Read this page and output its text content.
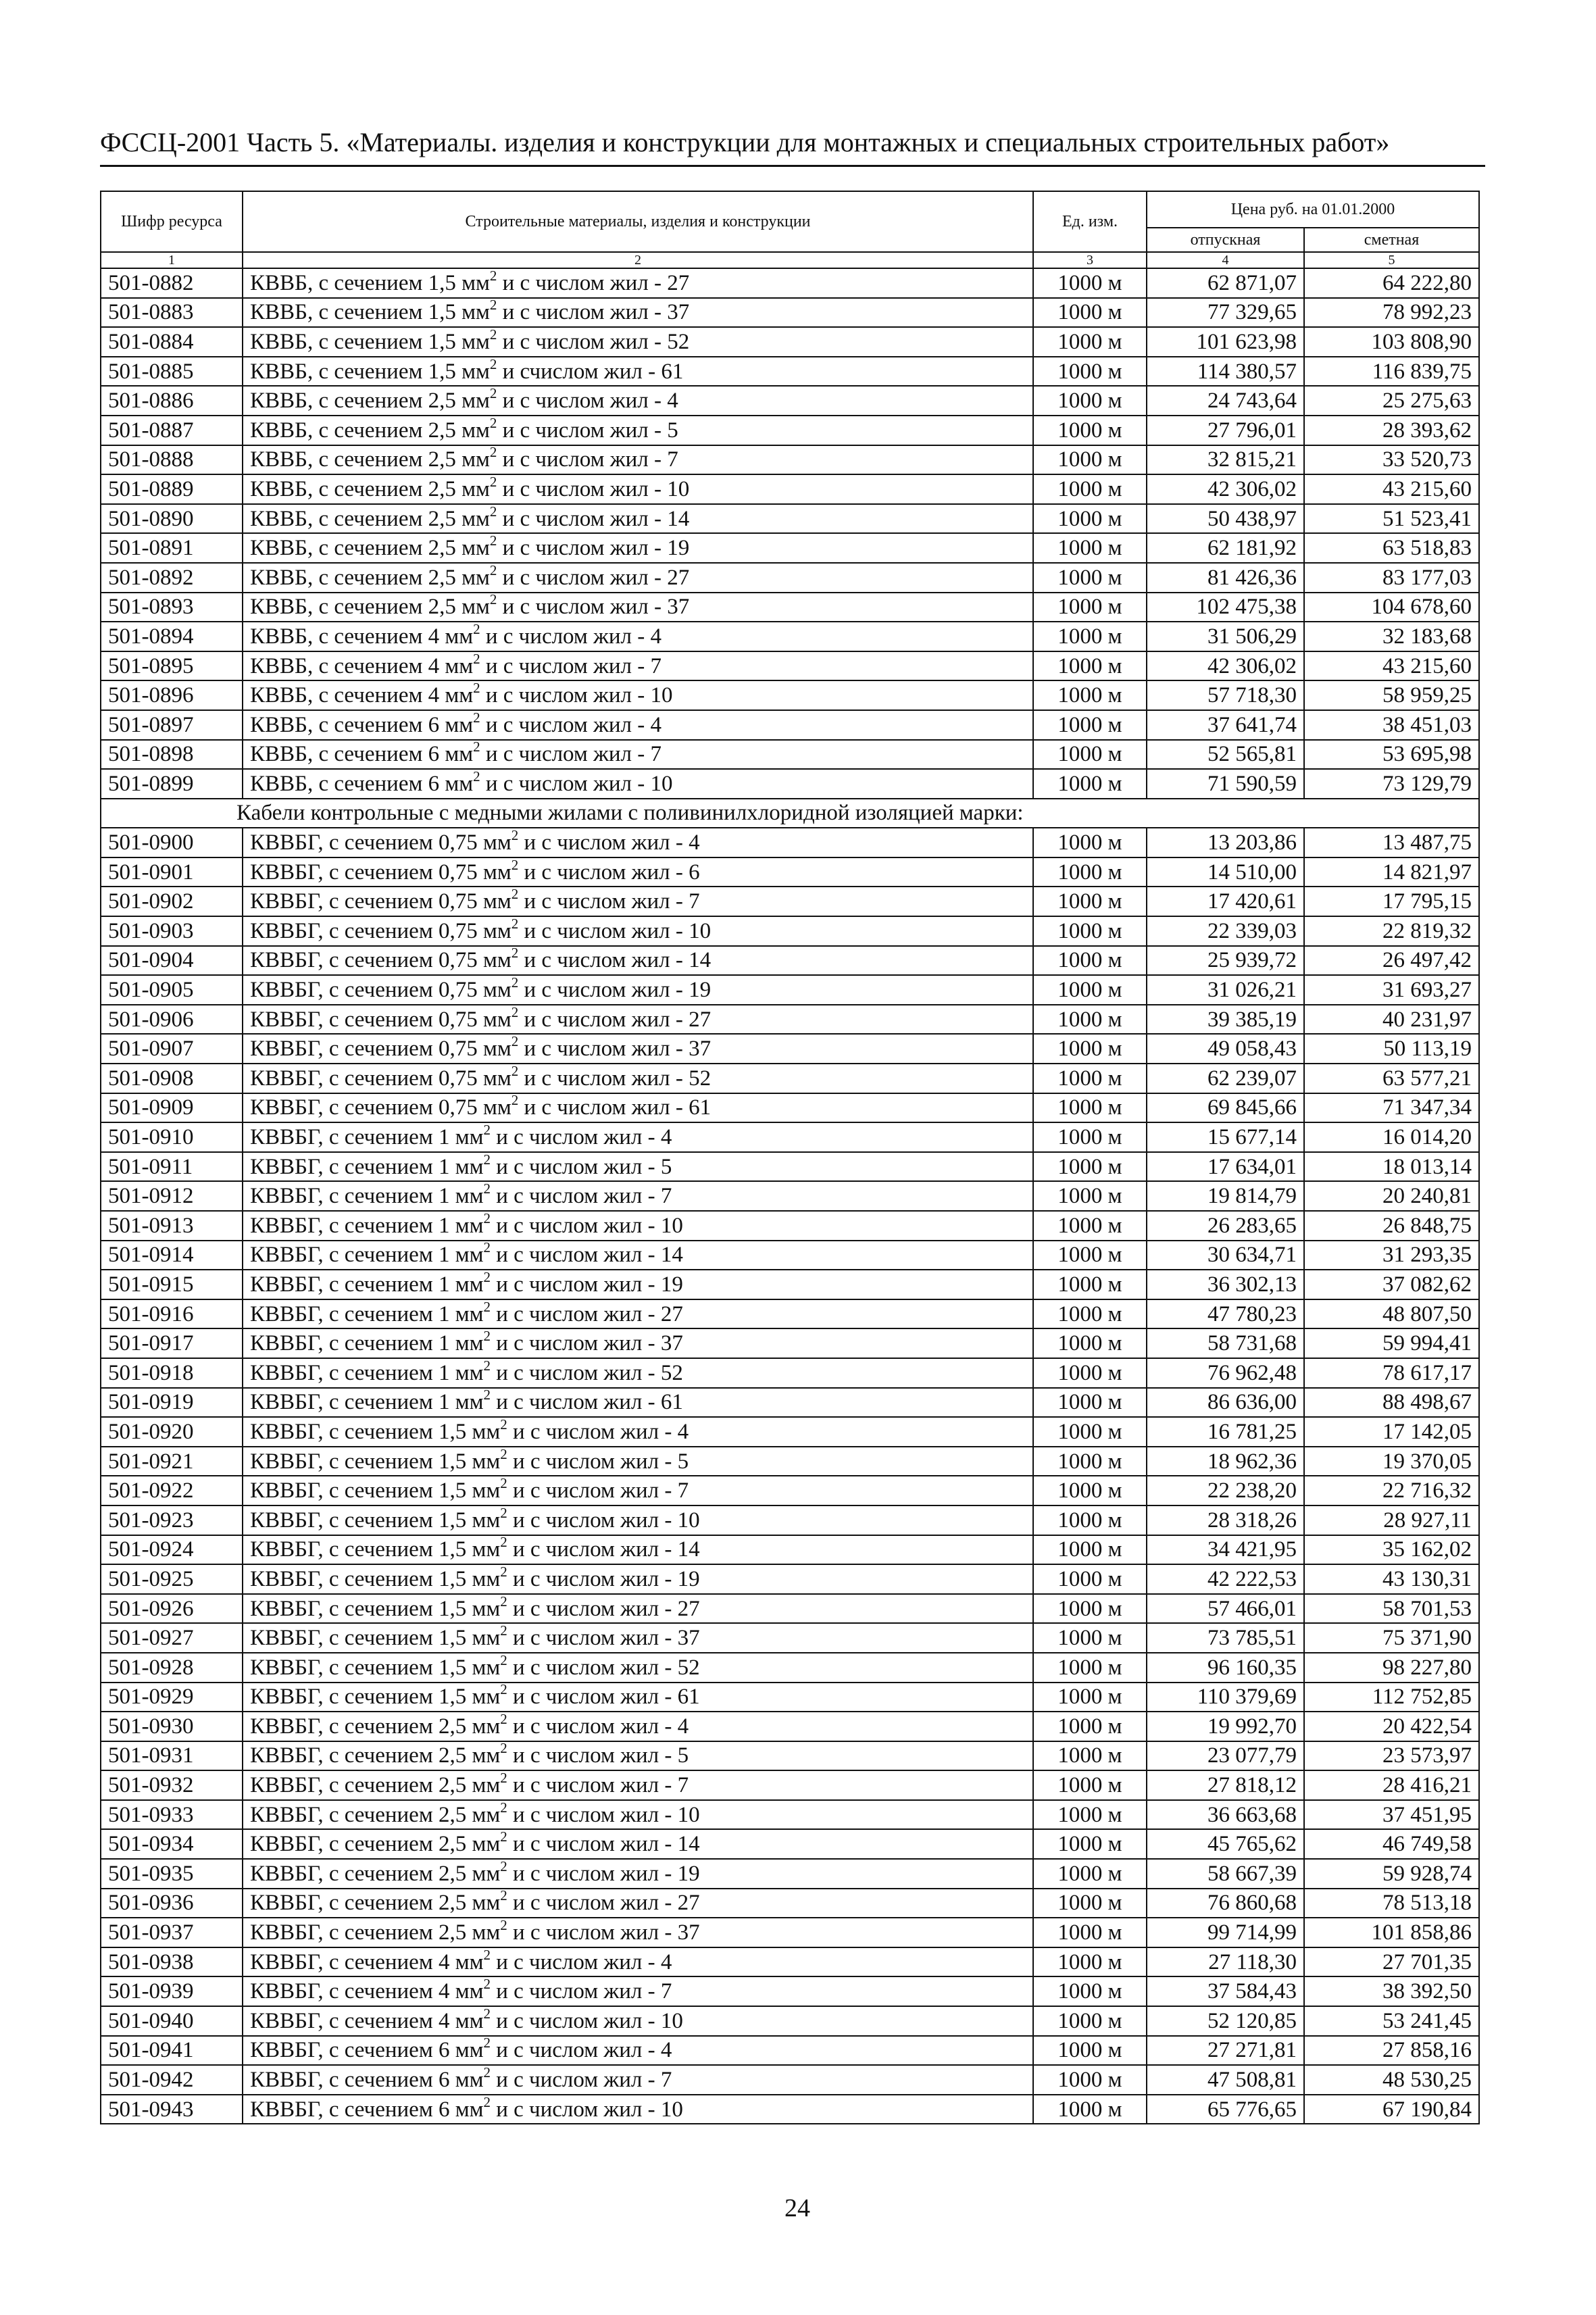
ФССЦ-2001 Часть 5. «Материалы. изделия и конструкции для монтажных и специальных строительных работ»
Шифр ресурса	Строительные материалы, изделия и конструкции	Ед. изм.	Цена руб. на 01.01.2000	
			отпускная	сметная
1	2	3	4	5
501-0882	КВВБ, с сечением 1,5 $мм^2$ и с числом жил - 27	1000 м	62 871,07	64 222,80
501-0883	КВВБ, с сечением 1,5 $мм^2$ и с числом жил - 37	1000 м	77 329,65	78 992,23
501-0884	КВВБ, с сечением 1,5 $мм^2$ и с числом жил - 52	1000 м	101 623,98	103 808,90
501-0885	КВВБ, с сечением 1,5 $мм^2$ и счислом жил - 61	1000 м	114 380,57	116 839,75
501-0886	КВВБ, с сечением 2,5 $мм^2$ и с числом жил - 4	1000 м	24 743,64	25 275,63
501-0887	КВВБ, с сечением 2,5 $мм^2$ и с числом жил - 5	1000 м	27 796,01	28 393,62
501-0888	КВВБ, с сечением 2,5 $мм^2$ и с числом жил - 7	1000 м	32 815,21	33 520,73
501-0889	КВВБ, с сечением 2,5 $мм^2$ и с числом жил - 10	1000 м	42 306,02	43 215,60
501-0890	КВВБ, с сечением 2,5 $мм^2$ и с числом жил - 14	1000 м	50 438,97	51 523,41
501-0891	КВВБ, с сечением 2,5 $мм^2$ и с числом жил - 19	1000 м	62 181,92	63 518,83
501-0892	КВВБ, с сечением 2,5 $мм^2$ и с числом жил - 27	1000 м	81 426,36	83 177,03
501-0893	КВВБ, с сечением 2,5 $мм^2$ и с числом жил - 37	1000 м	102 475,38	104 678,60
501-0894	КВВБ, с сечением 4 $мм^2$ и с числом жил - 4	1000 м	31 506,29	32 183,68
501-0895	КВВБ, с сечением 4 $мм^2$ и с числом жил - 7	1000 м	42 306,02	43 215,60
501-0896	КВВБ, с сечением 4 $мм^2$ и с числом жил - 10	1000 м	57 718,30	58 959,25
501-0897	КВВБ, с сечением 6 $мм^2$ и с числом жил - 4	1000 м	37 641,74	38 451,03
501-0898	КВВБ, с сечением 6 $мм^2$ и с числом жил - 7	1000 м	52 565,81	53 695,98
501-0899	КВВБ, с сечением 6 $мм^2$ и с числом жил - 10	1000 м	71 590,59	73 129,79
Кабели контрольные с медными жилами с поливинилхлоридной изоляцией марки:				
501-0900	КВВБГ, с сечением 0,75 $мм^2$ и с числом жил - 4	1000 м	13 203,86	13 487,75
501-0901	КВВБГ, с сечением 0,75 $мм^2$ и с числом жил - 6	1000 м	14 510,00	14 821,97
501-0902	КВВБГ, с сечением 0,75 $мм^2$ и с числом жил - 7	1000 м	17 420,61	17 795,15
501-0903	КВВБГ, с сечением 0,75 $мм^2$ и с числом жил - 10	1000 м	22 339,03	22 819,32
501-0904	КВВБГ, с сечением 0,75 $мм^2$ и с числом жил - 14	1000 м	25 939,72	26 497,42
501-0905	КВВБГ, с сечением 0,75 $мм^2$ и с числом жил - 19	1000 м	31 026,21	31 693,27
501-0906	КВВБГ, с сечением 0,75 $мм^2$ и с числом жил - 27	1000 м	39 385,19	40 231,97
501-0907	КВВБГ, с сечением 0,75 $мм^2$ и с числом жил - 37	1000 м	49 058,43	50 113,19
501-0908	КВВБГ, с сечением 0,75 $мм^2$ и с числом жил - 52	1000 м	62 239,07	63 577,21
501-0909	КВВБГ, с сечением 0,75 $мм^2$ и с числом жил - 61	1000 м	69 845,66	71 347,34
501-0910	КВВБГ, с сечением 1 $мм^2$ и с числом жил - 4	1000 м	15 677,14	16 014,20
501-0911	КВВБГ, с сечением 1 $мм^2$ и с числом жил - 5	1000 м	17 634,01	18 013,14
501-0912	КВВБГ, с сечением 1 $мм^2$ и с числом жил - 7	1000 м	19 814,79	20 240,81
501-0913	КВВБГ, с сечением 1 $мм^2$ и с числом жил - 10	1000 м	26 283,65	26 848,75
501-0914	КВВБГ, с сечением 1 $мм^2$ и с числом жил - 14	1000 м	30 634,71	31 293,35
501-0915	КВВБГ, с сечением 1 $мм^2$ и с числом жил - 19	1000 м	36 302,13	37 082,62
501-0916	КВВБГ, с сечением 1 $мм^2$ и с числом жил - 27	1000 м	47 780,23	48 807,50
501-0917	КВВБГ, с сечением 1 $мм^2$ и с числом жил - 37	1000 м	58 731,68	59 994,41
501-0918	КВВБГ, с сечением 1 $мм^2$ и с числом жил - 52	1000 м	76 962,48	78 617,17
501-0919	КВВБГ, с сечением 1 $мм^2$ и с числом жил - 61	1000 м	86 636,00	88 498,67
501-0920	КВВБГ, с сечением 1,5 $мм^2$ и с числом жил - 4	1000 м	16 781,25	17 142,05
501-0921	КВВБГ, с сечением 1,5 $мм^2$ и с числом жил - 5	1000 м	18 962,36	19 370,05
501-0922	КВВБГ, с сечением 1,5 $мм^2$ и с числом жил - 7	1000 м	22 238,20	22 716,32
501-0923	КВВБГ, с сечением 1,5 $мм^2$ и с числом жил - 10	1000 м	28 318,26	28 927,11
501-0924	КВВБГ, с сечением 1,5 $мм^2$ и с числом жил - 14	1000 м	34 421,95	35 162,02
501-0925	КВВБГ, с сечением 1,5 $мм^2$ и с числом жил - 19	1000 м	42 222,53	43 130,31
501-0926	КВВБГ, с сечением 1,5 $мм^2$ и с числом жил - 27	1000 м	57 466,01	58 701,53
501-0927	КВВБГ, с сечением 1,5 $мм^2$ и с числом жил - 37	1000 м	73 785,51	75 371,90
501-0928	КВВБГ, с сечением 1,5 $мм^2$ и с числом жил - 52	1000 м	96 160,35	98 227,80
501-0929	КВВБГ, с сечением 1,5 $мм^2$ и с числом жил - 61	1000 м	110 379,69	112 752,85
501-0930	КВВБГ, с сечением 2,5 $мм^2$ и с числом жил - 4	1000 м	19 992,70	20 422,54
501-0931	КВВБГ, с сечением 2,5 $мм^2$ и с числом жил - 5	1000 м	23 077,79	23 573,97
501-0932	КВВБГ, с сечением 2,5 $мм^2$ и с числом жил - 7	1000 м	27 818,12	28 416,21
501-0933	КВВБГ, с сечением 2,5 $мм^2$ и с числом жил - 10	1000 м	36 663,68	37 451,95
501-0934	КВВБГ, с сечением 2,5 $мм^2$ и с числом жил - 14	1000 м	45 765,62	46 749,58
501-0935	КВВБГ, с сечением 2,5 $мм^2$ и с числом жил - 19	1000 м	58 667,39	59 928,74
501-0936	КВВБГ, с сечением 2,5 $мм^2$ и с числом жил - 27	1000 м	76 860,68	78 513,18
501-0937	КВВБГ, с сечением 2,5 $мм^2$ и с числом жил - 37	1000 м	99 714,99	101 858,86
501-0938	КВВБГ, с сечением 4 $мм^2$ и с числом жил - 4	1000 м	27 118,30	27 701,35
501-0939	КВВБГ, с сечением 4 $мм^2$ и с числом жил - 7	1000 м	37 584,43	38 392,50
501-0940	КВВБГ, с сечением 4 $мм^2$ и с числом жил - 10	1000 м	52 120,85	53 241,45
501-0941	КВВБГ, с сечением 6 $мм^2$ и с числом жил - 4	1000 м	27 271,81	27 858,16
501-0942	КВВБГ, с сечением 6 $мм^2$ и с числом жил - 7	1000 м	47 508,81	48 530,25
501-0943	КВВБГ, с сечением 6 $мм^2$ и с числом жил - 10	1000 м	65 776,65	67 190,84
24
